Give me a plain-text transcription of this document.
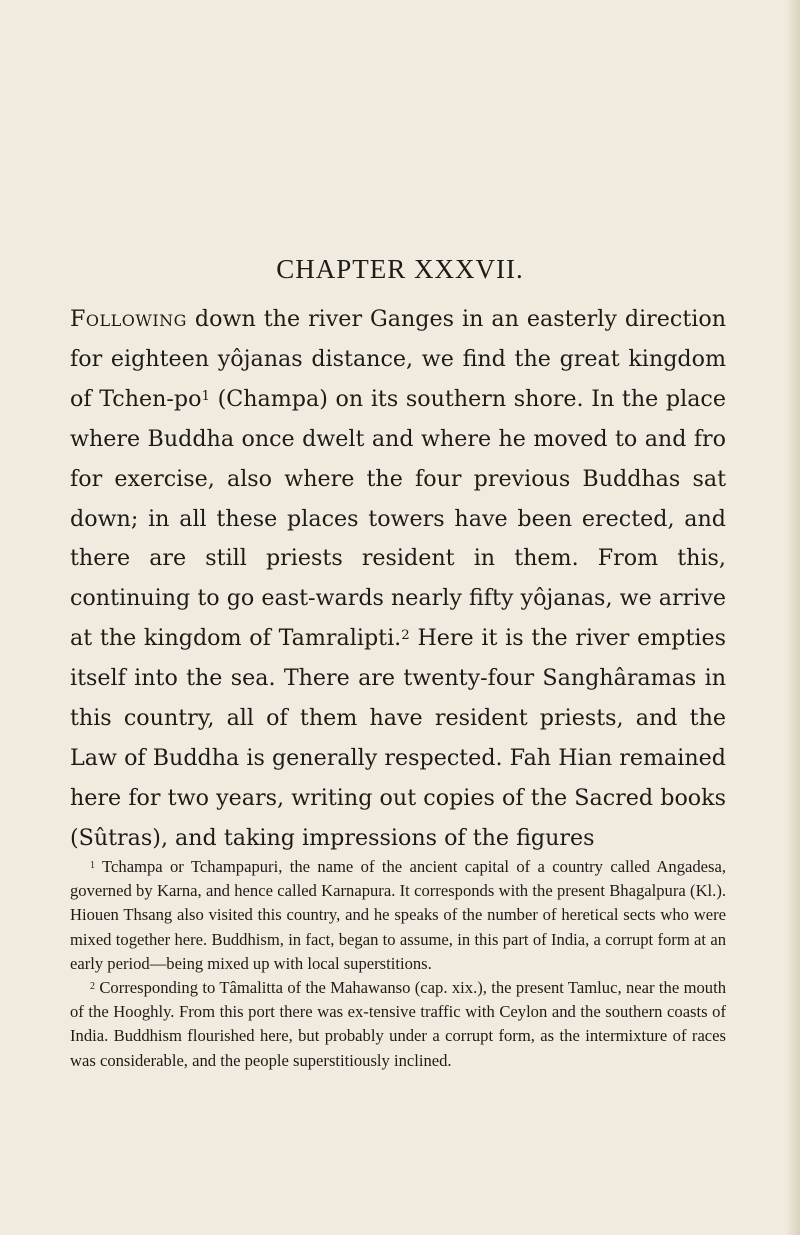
CHAPTER XXXVII.

Following down the river Ganges in an easterly direction for eighteen yôjanas distance, we find the great kingdom of Tchen-$po^1$ (Champa) on its southern shore. In the place where Buddha once dwelt and where he moved to and fro for exercise, also where the four previous Buddhas sat down; in all these places towers have been erected, and there are still priests resident in them. From this, continuing to go east-wards nearly fifty yôjanas, we arrive at the kingdom of Tamralipti.$^2$ Here it is the river empties itself into the sea. There are twenty-four Sanghâramas in this country, all of them have resident priests, and the Law of Buddha is generally respected. Fah Hian remained here for two years, writing out copies of the Sacred books (Sûtras), and taking impressions of the figures

$^1$ Tchampa or Tchampapuri, the name of the ancient capital of a country called Angadesa, governed by Karna, and hence called Karnapura. It corresponds with the present Bhagalpura (Kl.). Hiouen Thsang also visited this country, and he speaks of the number of heretical sects who were mixed together here. Buddhism, in fact, began to assume, in this part of India, a corrupt form at an early period—being mixed up with local superstitions.

$^2$ Corresponding to Tâmalitta of the Mahawanso (cap. xix.), the present Tamluc, near the mouth of the Hooghly. From this port there was ex-tensive traffic with Ceylon and the southern coasts of India. Buddhism flourished here, but probably under a corrupt form, as the intermixture of races was considerable, and the people superstitiously inclined.
